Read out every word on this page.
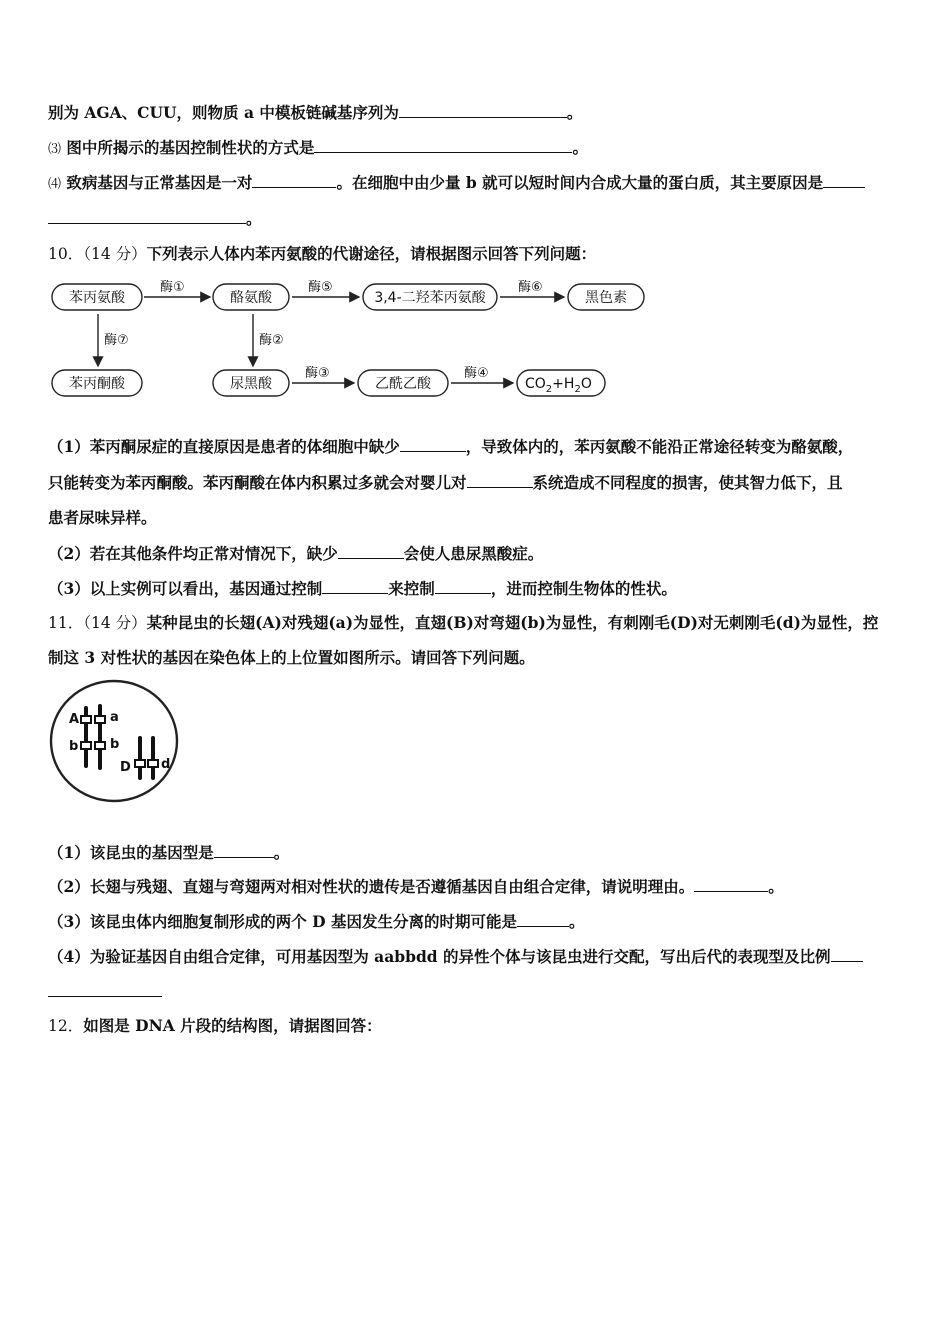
别为 AGA、CUU，则物质 a 中模板链碱基序列为	。
⑶ 图中所揭示的基因控制性状的方式是	。
⑷ 致病基因与正常基因是一对	。在细胞中由少量 b 就可以短时间内合成大量的蛋白质，其主要原因是
。
10．（14 分）下列表示人体内苯丙氨酸的代谢途径，请根据图示回答下列问题：
苯丙氨酸	酪氨酸	3,4-二羟苯丙氨酸	黑色素
苯丙酮酸	尿黑酸	乙酰乙酸	$CO_2+H_2O$
酶①	酶⑤	酶⑥
酶⑦	酶②
酶③	酶④
（1）苯丙酮尿症的直接原因是患者的体细胞中缺少	，导致体内的，苯丙氨酸不能沿正常途径转变为酪氨酸，
只能转变为苯丙酮酸。苯丙酮酸在体内积累过多就会对婴儿对	系统造成不同程度的损害，使其智力低下，且
患者尿味异样。
（2）若在其他条件均正常对情况下，缺少	会使人患尿黑酸症。
（3）以上实例可以看出，基因通过控制	来控制	，进而控制生物体的性状。
11．（14 分）某种昆虫的长翅(A)对残翅(a)为显性，直翅(B)对弯翅(b)为显性，有刺刚毛(D)对无刺刚毛(d)为显性，控
制这 3 对性状的基因在染色体上的上位置如图所示。请回答下列问题。
A a
b b
D d
（1）该昆虫的基因型是	。
（2）长翅与残翅、直翅与弯翅两对相对性状的遗传是否遵循基因自由组合定律，请说明理由。	。
（3）该昆虫体内细胞复制形成的两个 D 基因发生分离的时期可能是	。
（4）为验证基因自由组合定律，可用基因型为 aabbdd 的异性个体与该昆虫进行交配，写出后代的表现型及比例
12．如图是 DNA 片段的结构图，请据图回答：
